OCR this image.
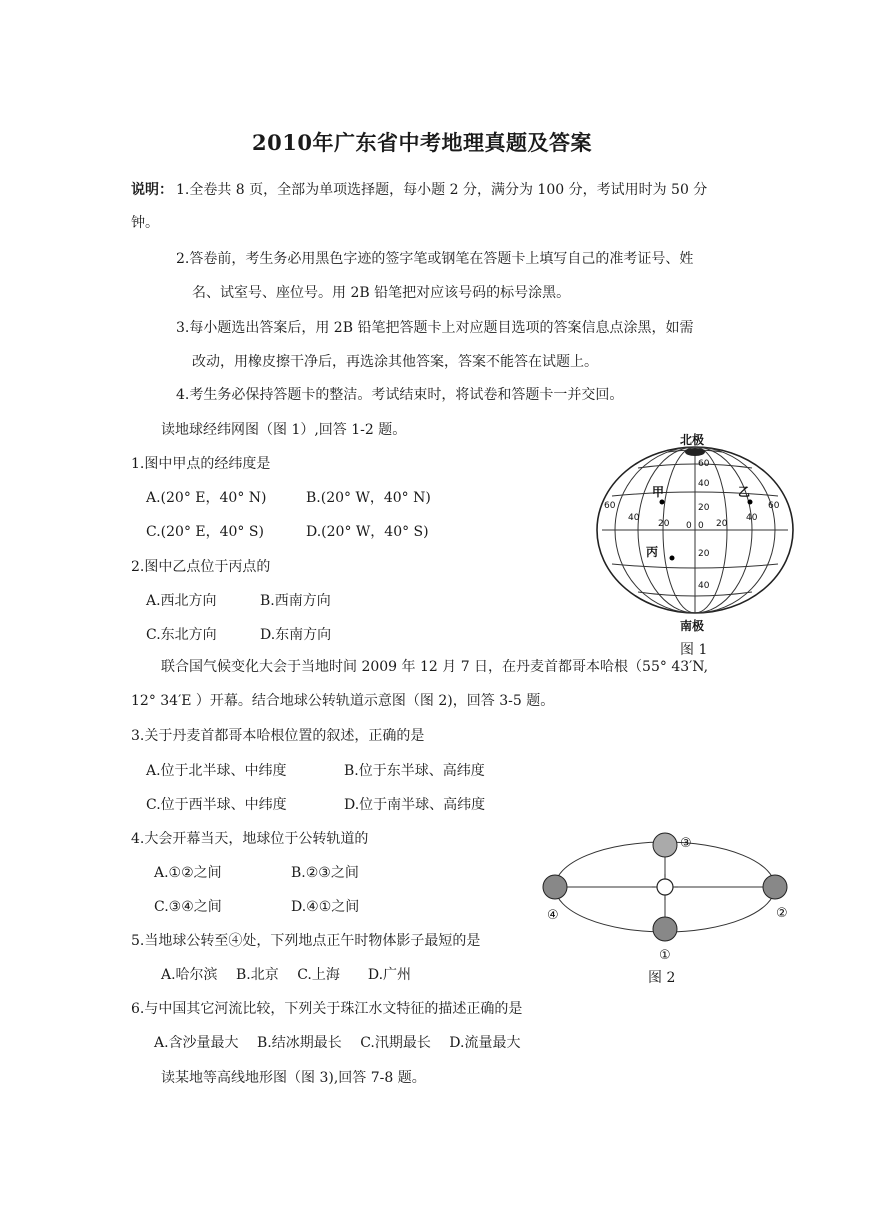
2010年广东省中考地理真题及答案
说明： 1.全卷共 8 页，全部为单项选择题，每小题 2 分，满分为 100 分，考试用时为 50 分
钟。
2.答卷前，考生务必用黑色字迹的签字笔或钢笔在答题卡上填写自己的准考证号、姓
名、试室号、座位号。用 2B 铅笔把对应该号码的标号涂黑。
3.每小题选出答案后，用 2B 铅笔把答题卡上对应题目选项的答案信息点涂黑，如需
改动，用橡皮擦干净后，再选涂其他答案，答案不能答在试题上。
4.考生务必保持答题卡的整洁。考试结束时，将试卷和答题卡一并交回。
读地球经纬网图（图 1）,回答 1-2 题。
1.图中甲点的经纬度是
A.(20° E，40° N)	B.(20° W，40° N)
C.(20° E，40° S)	D.(20° W，40° S)
2.图中乙点位于丙点的
A.西北方向	B.西南方向
C.东北方向	D.东南方向
联合国气候变化大会于当地时间 2009 年 12 月 7 日，在丹麦首都哥本哈根（55° 43′N,
12° 34′E ）开幕。结合地球公转轨道示意图（图 2)，回答 3-5 题。
3.关于丹麦首都哥本哈根位置的叙述，正确的是
A.位于北半球、中纬度	B.位于东半球、高纬度
C.位于西半球、中纬度	D.位于南半球、高纬度
4.大会开幕当天，地球位于公转轨道的
A.①②之间	B.②③之间
C.③④之间	D.④①之间
5.当地球公转至④处，下列地点正午时物体影子最短的是
A.哈尔滨　 B.北京　 C.上海　　D.广州
6.与中国其它河流比较，下列关于珠江水文特征的描述正确的是
A.含沙量最大　 B.结冰期最长　 C.汛期最长　 D.流量最大
读某地等高线地形图（图 3),回答 7-8 题。
北极
南极
甲	乙
丙
60
40
20
0
20
40
60
40
20 0	20
40
60
图 1
③
②
①
④
图 2
